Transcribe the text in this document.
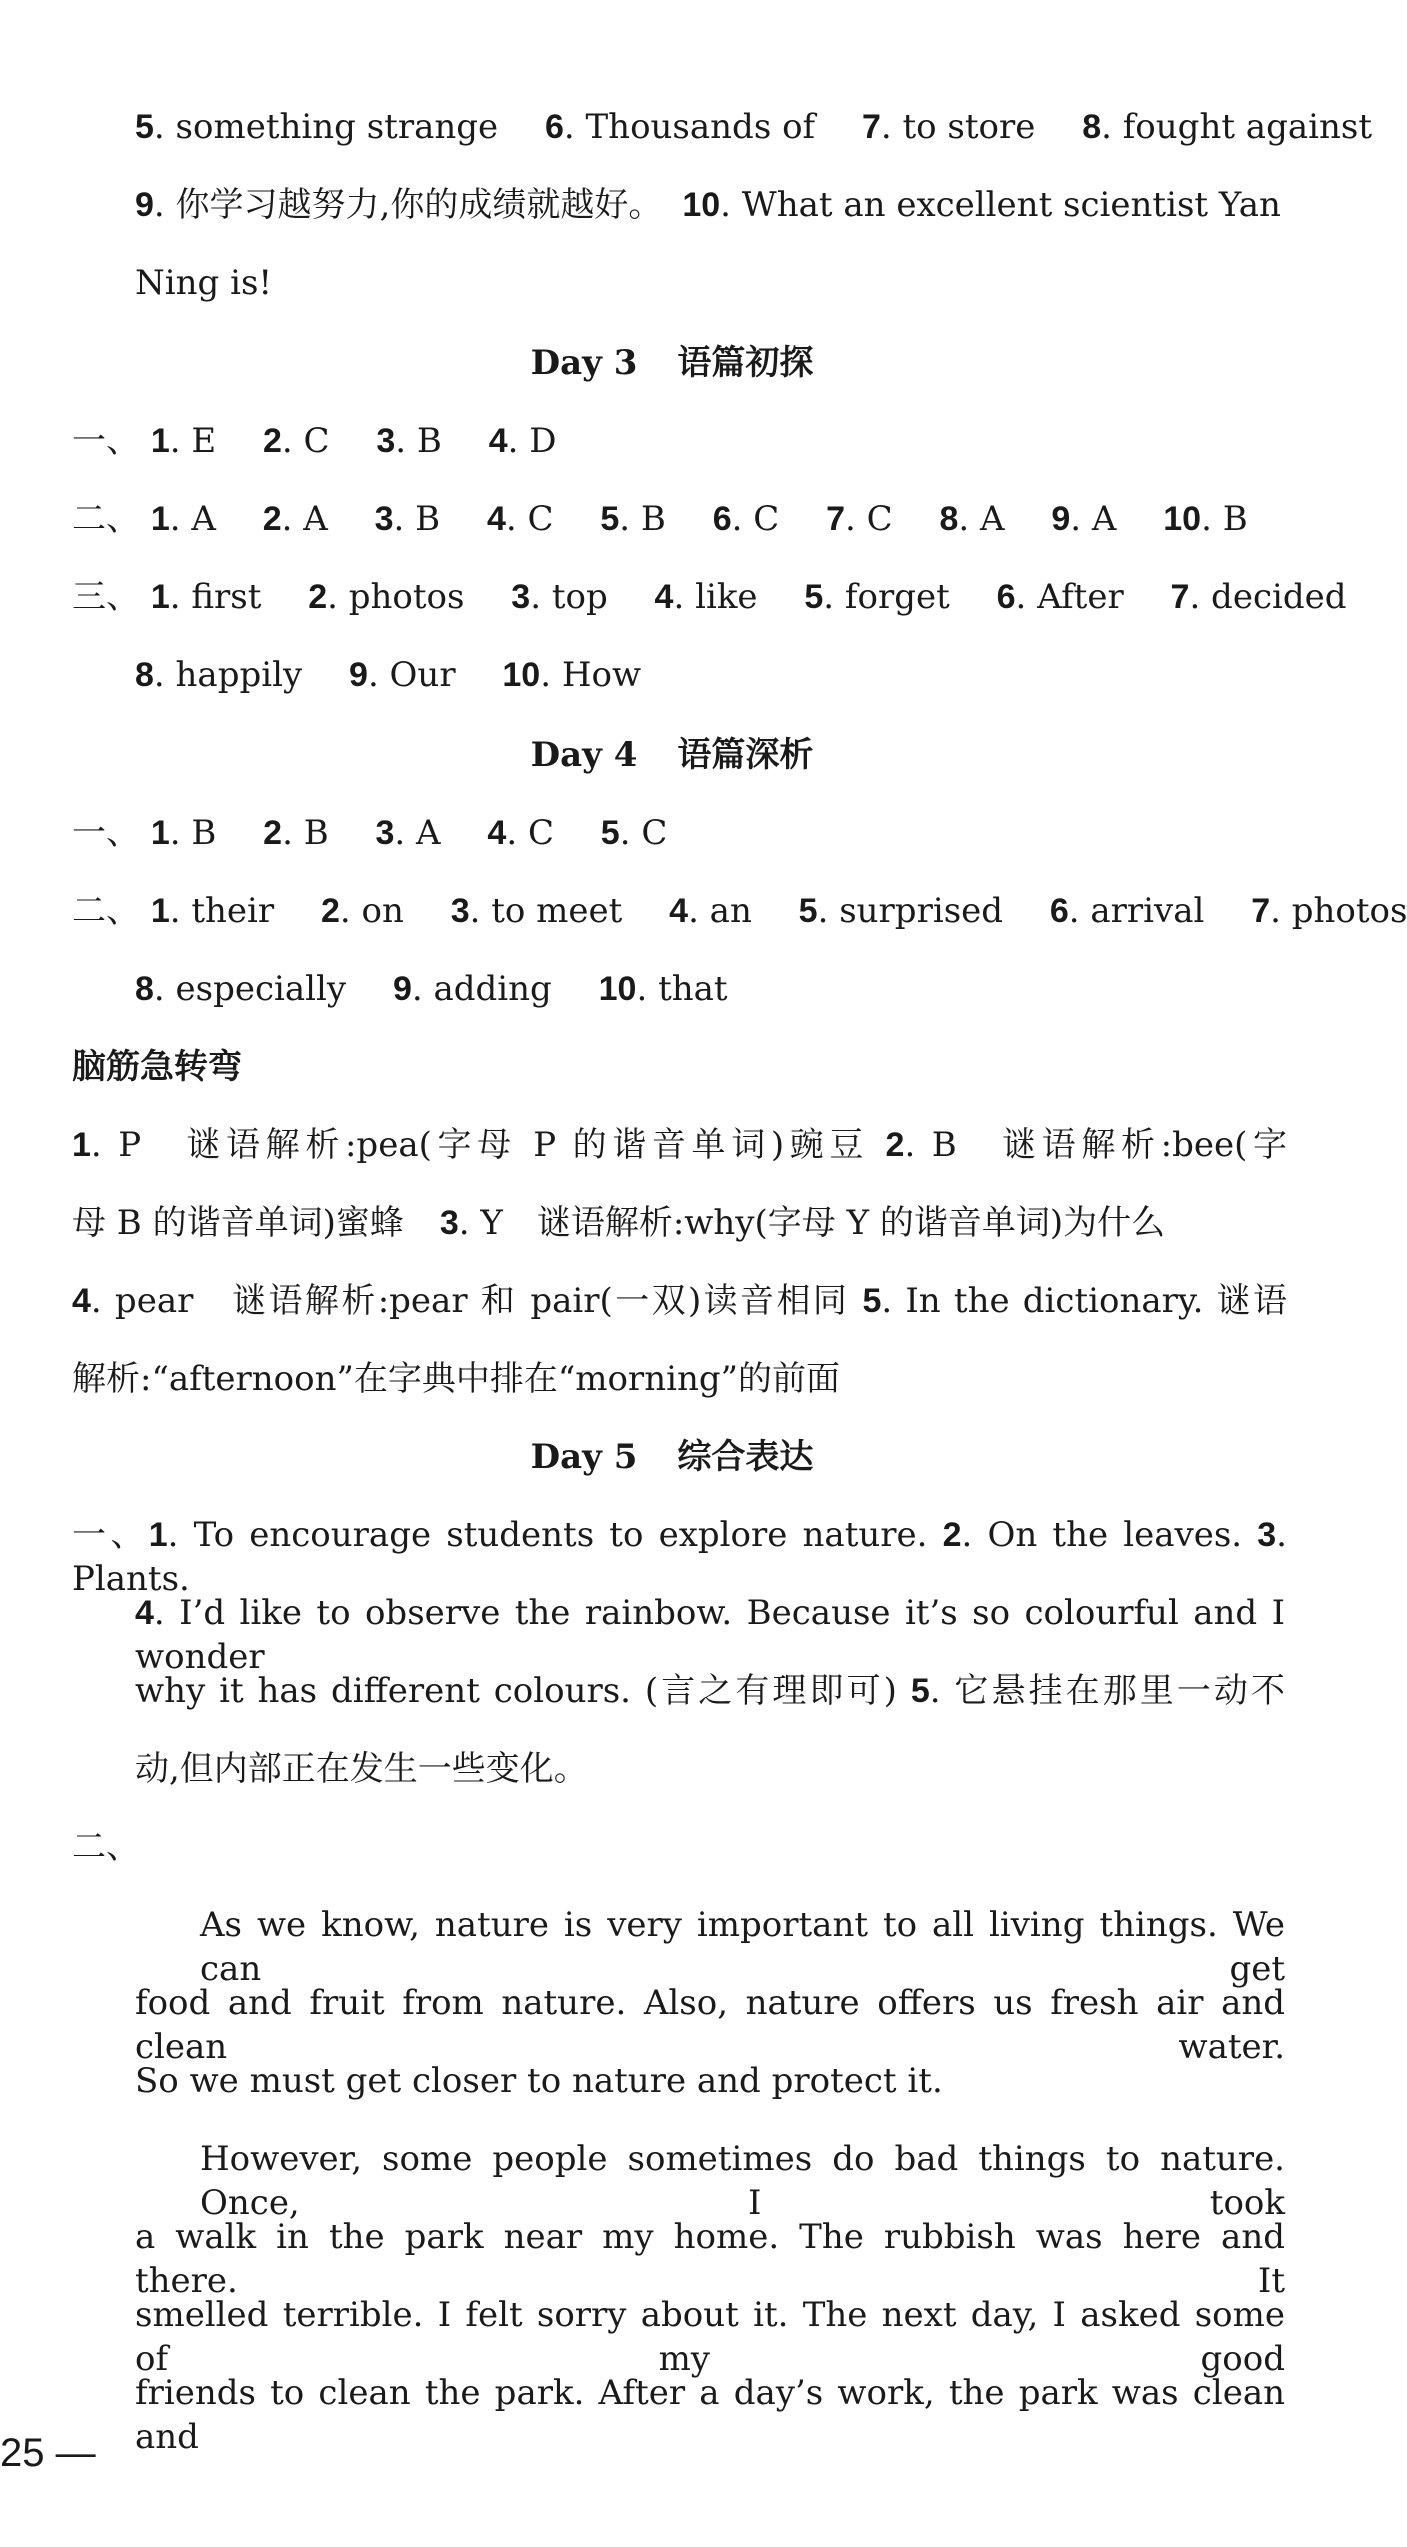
5. something strange 6. Thousands of 7. to store 8. fought against
9. 你学习越努力,你的成绩就越好。 10. What an excellent scientist Yan
Ning is!
Day 3 语篇初探
一、 1. E 2. C 3. B 4. D
二、 1. A 2. A 3. B 4. C 5. B 6. C 7. C 8. A 9. A 10. B
三、 1. first 2. photos 3. top 4. like 5. forget 6. After 7. decided
8. happily 9. Our 10. How
Day 4 语篇深析
一、 1. B 2. B 3. A 4. C 5. C
二、 1. their 2. on 3. to meet 4. an 5. surprised 6. arrival 7. photos
8. especially 9. adding 10. that
脑筋急转弯
1. P　谜语解析:pea(字母 P 的谐音单词)豌豆 2. B　谜语解析:bee(字
母 B 的谐音单词)蜜蜂 3. Y　谜语解析:why(字母 Y 的谐音单词)为什么
4. pear　谜语解析:pear 和 pair(一双)读音相同 5. In the dictionary. 谜语
解析:“afternoon”在字典中排在“morning”的前面
Day 5 综合表达
一、1. To encourage students to explore nature. 2. On the leaves. 3. Plants.
4. I’d like to observe the rainbow. Because it’s so colourful and I wonder
why it has different colours. (言之有理即可) 5. 它悬挂在那里一动不
动,但内部正在发生一些变化。
二、
As we know, nature is very important to all living things. We can get
food and fruit from nature. Also, nature offers us fresh air and clean water.
So we must get closer to nature and protect it.
However, some people sometimes do bad things to nature. Once, I took
a walk in the park near my home. The rubbish was here and there. It
smelled terrible. I felt sorry about it. The next day, I asked some of my good
friends to clean the park. After a day’s work, the park was clean and
25 —
